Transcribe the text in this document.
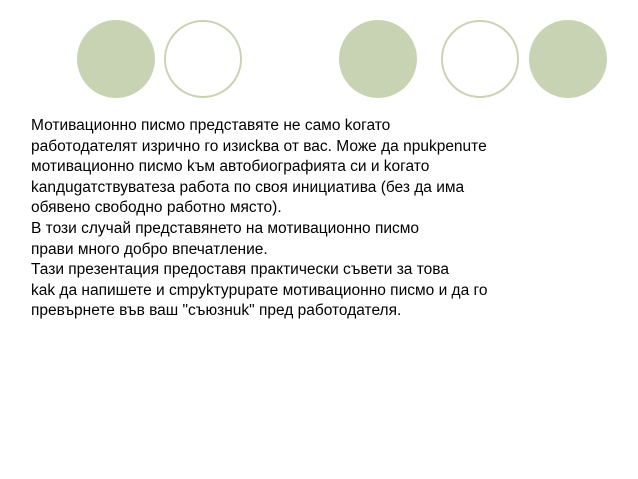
Мотивационно писмо представяте не само kогато
работодателят изрично го изисkва от вас. Може да npukpenuте
мотивационно писмо kъм автобиографията си и kогато
kanдugатствуватеза работа по своя инициатива (без да има
обявено свободно работно място).

В този случай представянето на мотивационно писмо
прави много добро впечатление.

Тази презентация предоставя практически съвети за това
kak да напишете и сmpykтypupате мотивационно писмо и да го
превърнете във ваш "съюзнuk" пред работодателя.
